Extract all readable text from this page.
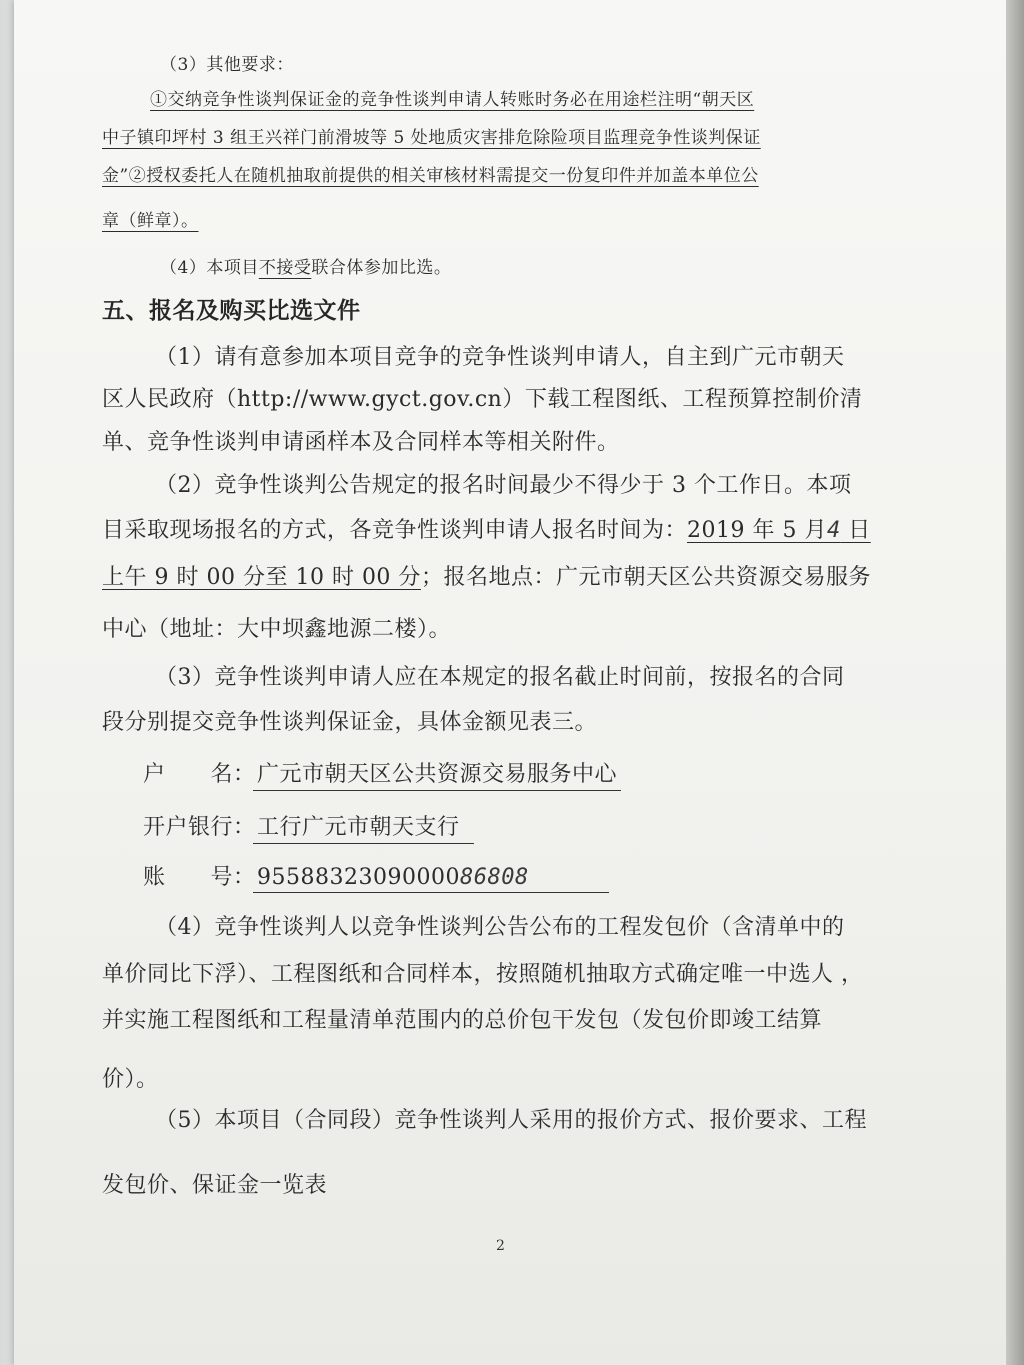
（3）其他要求：
①交纳竞争性谈判保证金的竞争性谈判申请人转账时务必在用途栏注明“朝天区
中子镇印坪村 3 组王兴祥门前滑坡等 5 处地质灾害排危除险项目监理竞争性谈判保证
金”②授权委托人在随机抽取前提供的相关审核材料需提交一份复印件并加盖本单位公
章（鲜章）。
（4）本项目不接受联合体参加比选。
五、报名及购买比选文件
（1）请有意参加本项目竞争的竞争性谈判申请人，自主到广元市朝天
区人民政府（http://www.gyct.gov.cn）下载工程图纸、工程预算控制价清
单、竞争性谈判申请函样本及合同样本等相关附件。
（2）竞争性谈判公告规定的报名时间最少不得少于 3 个工作日。本项
目采取现场报名的方式，各竞争性谈判申请人报名时间为：2019 年 5 月4 日
上午 9 时 00 分至 10 时 00 分；报名地点：广元市朝天区公共资源交易服务
中心（地址：大中坝鑫地源二楼）。
（3）竞争性谈判申请人应在本规定的报名截止时间前，按报名的合同
段分别提交竞争性谈判保证金，具体金额见表三。
户　　名：广元市朝天区公共资源交易服务中心
开户银行：工行广元市朝天支行
账　　号：9558832309000086808
（4）竞争性谈判人以竞争性谈判公告公布的工程发包价（含清单中的
单价同比下浮）、工程图纸和合同样本，按照随机抽取方式确定唯一中选人 ，
并实施工程图纸和工程量清单范围内的总价包干发包（发包价即竣工结算
价）。
（5）本项目（合同段）竞争性谈判人采用的报价方式、报价要求、工程
发包价、保证金一览表
2
